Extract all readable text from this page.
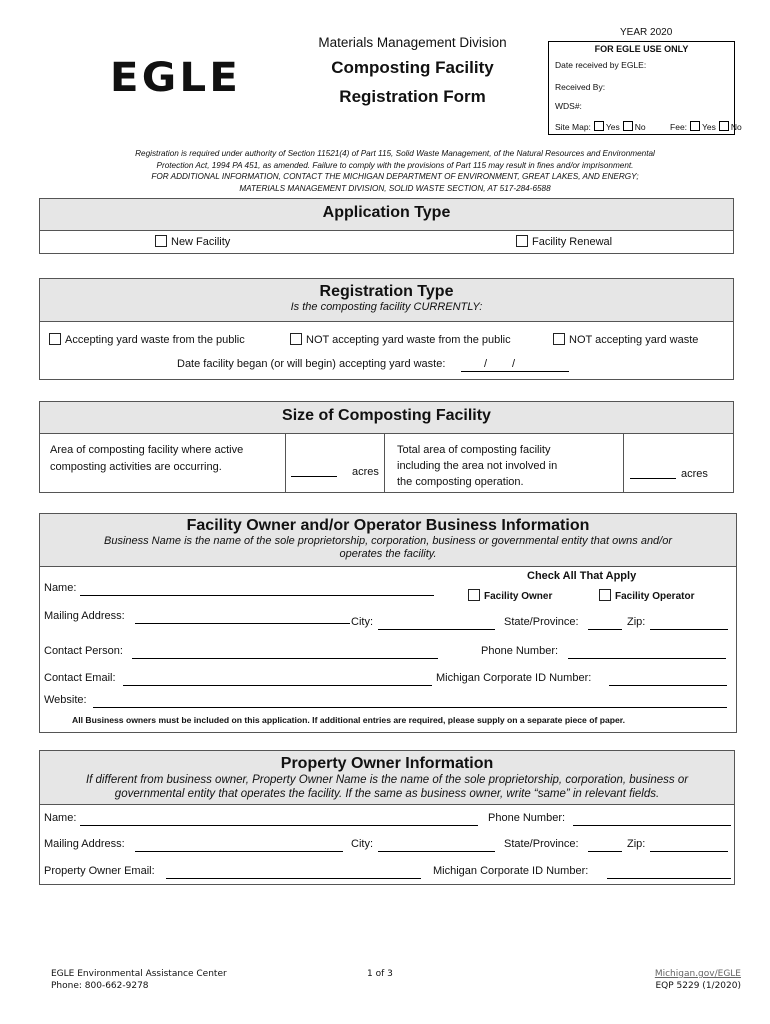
EGLE
Materials Management Division
Composting Facility
Registration Form
YEAR 2020
FOR EGLE USE ONLY
Date received by EGLE:
Received By:
WDS#:
Site Map: Yes No	Fee: Yes No
Registration is required under authority of Section 11521(4) of Part 115, Solid Waste Management, of the Natural Resources and Environmental
Protection Act, 1994 PA 451, as amended. Failure to comply with the provisions of Part 115 may result in fines and/or imprisonment.
FOR ADDITIONAL INFORMATION, CONTACT THE MICHIGAN DEPARTMENT OF ENVIRONMENT, GREAT LAKES, AND ENERGY;
MATERIALS MANAGEMENT DIVISION, SOLID WASTE SECTION, AT 517-284-6588
Application Type
New Facility	Facility Renewal
Registration Type
Is the composting facility CURRENTLY:
Accepting yard waste from the public	NOT accepting yard waste from the public	NOT accepting yard waste
Date facility began (or will begin) accepting yard waste:	/ /
Size of Composting Facility
Area of composting facility where active
composting activities are occurring.	acres
Total area of composting facility
including the area not involved in
the composting operation.
acres
Facility Owner and/or Operator Business Information
Business Name is the name of the sole proprietorship, corporation, business or governmental entity that owns and/or
operates the facility.
Check All That Apply
Name:
Facility Owner	Facility Operator
Mailing Address:	City:	State/Province:	Zip:
Contact Person:	Phone Number:
Contact Email:	Michigan Corporate ID Number:
Website:
All Business owners must be included on this application. If additional entries are required, please supply on a separate piece of paper.
Property Owner Information
If different from business owner, Property Owner Name is the name of the sole proprietorship, corporation, business or
governmental entity that operates the facility. If the same as business owner, write “same” in relevant fields.
Name:	Phone Number:
Mailing Address:	City:	State/Province:	Zip:
Property Owner Email:	Michigan Corporate ID Number:
EGLE Environmental Assistance Center
Phone: 800-662-9278
1 of 3	Michigan.gov/EGLE
EQP 5229 (1/2020)
